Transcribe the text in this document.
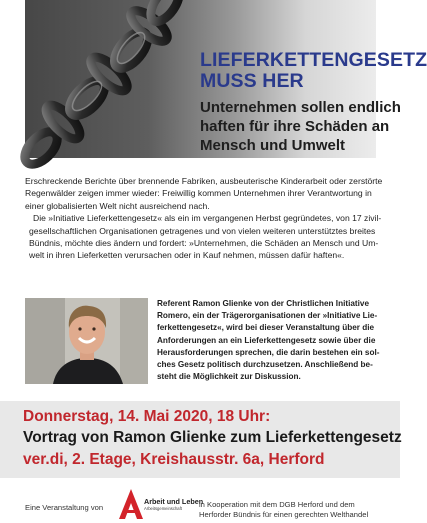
LIEFERKETTENGESETZ
MUSS HER
Unternehmen sollen endlich
haften für ihre Schäden an
Mensch und Umwelt

Erschreckende Berichte über brennende Fabriken, ausbeuterische Kinderarbeit oder zerstörte
Regenwälder zeigen immer wieder: Freiwillig kommen Unternehmen ihrer Verantwortung in
einer globalisierten Welt nicht ausreichend nach.

Die »Initiative Lieferkettengesetz« als ein im vergangenen Herbst gegründetes, von 17 zivil-
gesellschaftlichen Organisationen getragenes und von vielen weiteren unterstütztes breites
Bündnis, möchte dies ändern und fordert: »Unternehmen, die Schäden an Mensch und Um-
welt in ihren Lieferketten verursachen oder in Kauf nehmen, müssen dafür haften«.

Referent Ramon Glienke von der Christlichen Initiative
Romero, ein der Trägerorganisationen der »Initiative Lie-
ferkettengesetz«, wird bei dieser Veranstaltung über die
Anforderungen an ein Lieferkettengesetz sowie über die
Herausforderungen sprechen, die darin bestehen ein sol-
ches Gesetz politisch durchzusetzen. Anschließend be-
steht die Möglichkeit zur Diskussion.
Donnerstag, 14. Mai 2020, 18 Uhr:
Vortrag von Ramon Glienke zum Lieferkettengesetz
ver.di, 2. Etage, Kreishausstr. 6a, Herford
Eine Veranstaltung von
Arbeit und Leben
Arbeitsgemeinschaft in Kooperation mit dem DGB Herford und dem
Herforder Bündnis für einen gerechten Welthandel
